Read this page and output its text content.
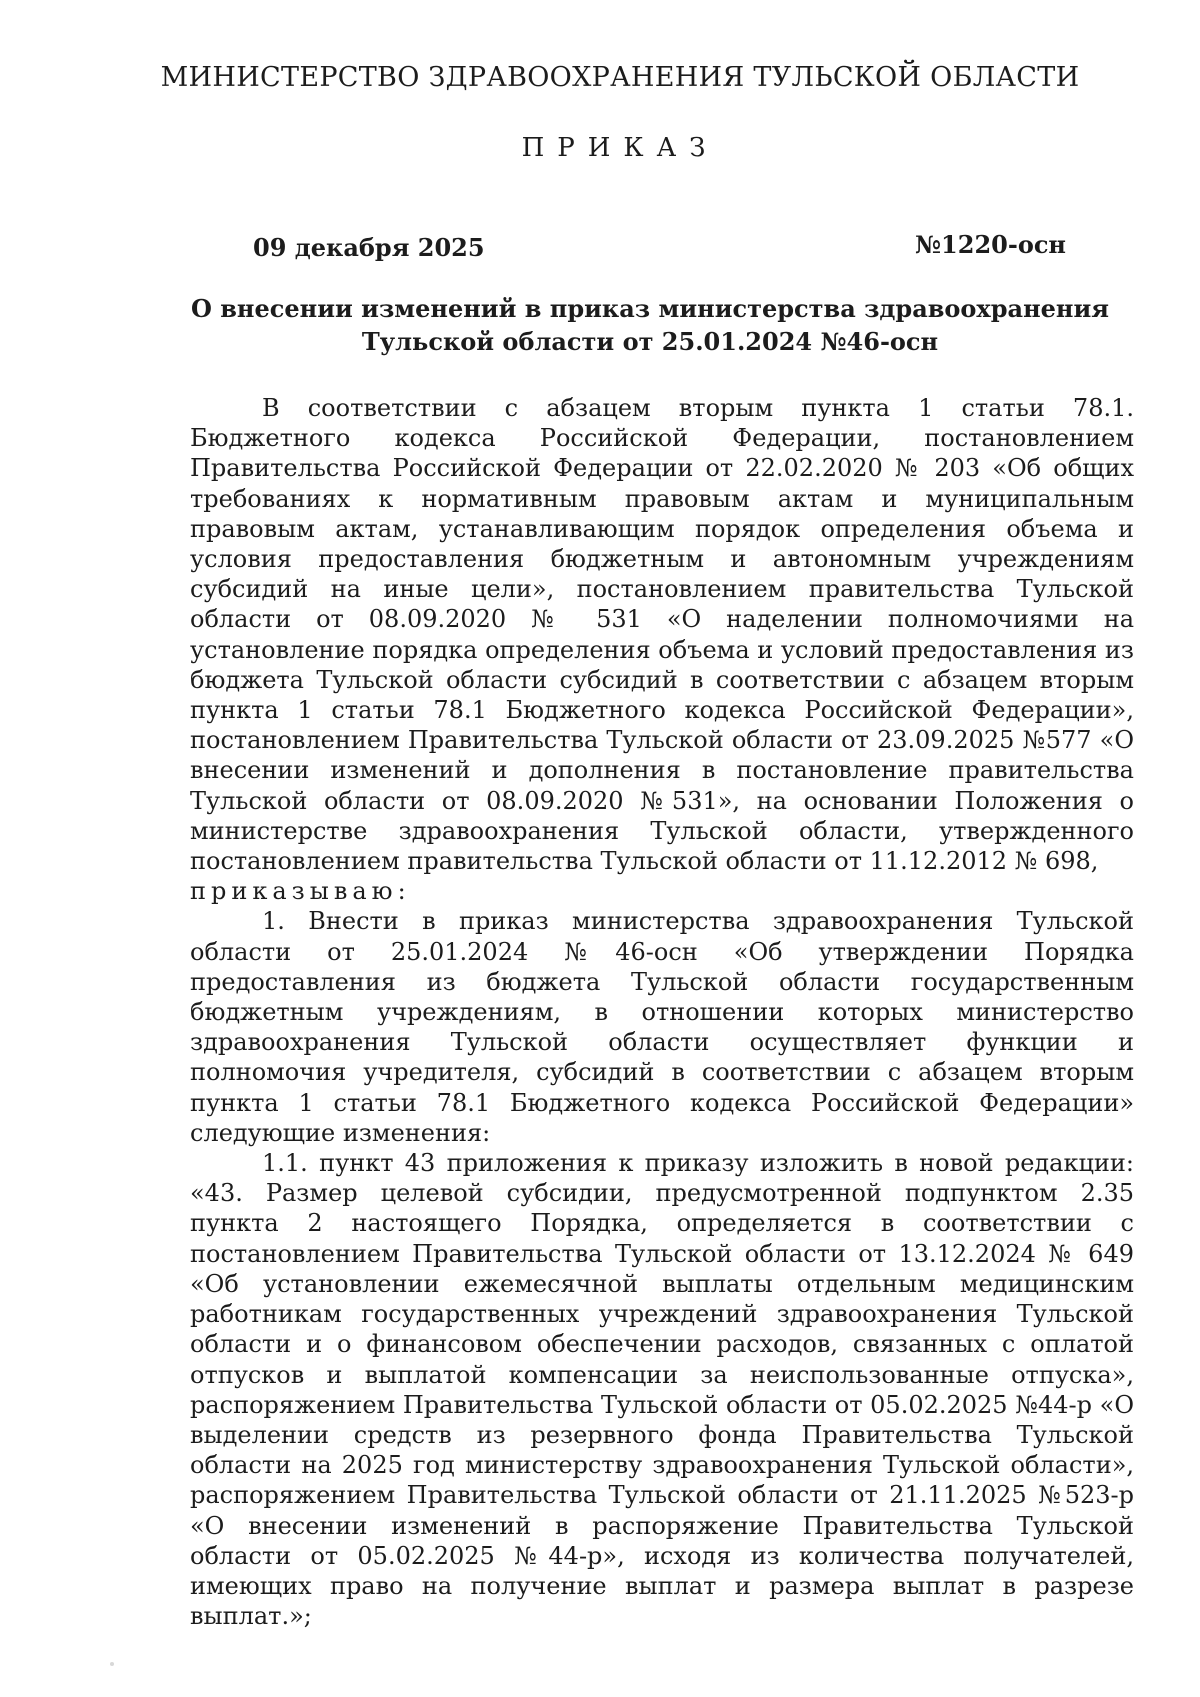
МИНИСТЕРСТВО ЗДРАВООХРАНЕНИЯ ТУЛЬСКОЙ ОБЛАСТИ
ПРИКАЗ
09 декабря 2025	№1220-осн
О внесении изменений в приказ министерства здравоохранения
Тульской области от 25.01.2024 №46-осн

В соответствии с абзацем вторым пункта 1 статьи 78.1. Бюджетного кодекса Российской Федерации, постановлением Правительства Российской Федерации от 22.02.2020 № 203 «Об общих требованиях к нормативным правовым актам и муниципальным правовым актам, устанавливающим порядок определения объема и условия предоставления бюджетным и автономным учреждениям субсидий на иные цели», постановлением правительства Тульской области от 08.09.2020 № 531 «О наделении полномочиями на установление порядка определения объема и условий предоставления из бюджета Тульской области субсидий в соответствии с абзацем вторым пункта 1 статьи 78.1 Бюджетного кодекса Российской Федерации», постановлением Правительства Тульской области от 23.09.2025 №577 «О внесении изменений и дополнения в постановление правительства Тульской области от 08.09.2020 №531», на основании Положения о министерстве здравоохранения Тульской области, утвержденного постановлением правительства Тульской области от 11.12.2012 № 698,

приказываю:

1. Внести в приказ министерства здравоохранения Тульской области от 25.01.2024 №46-осн «Об утверждении Порядка предоставления из бюджета Тульской области государственным бюджетным учреждениям, в отношении которых министерство здравоохранения Тульской области осуществляет функции и полномочия учредителя, субсидий в соответствии с абзацем вторым пункта 1 статьи 78.1 Бюджетного кодекса Российской Федерации» следующие изменения:

1.1. пункт 43 приложения к приказу изложить в новой редакции: «43. Размер целевой субсидии, предусмотренной подпунктом 2.35 пункта 2 настоящего Порядка, определяется в соответствии с постановлением Правительства Тульской области от 13.12.2024 № 649 «Об установлении ежемесячной выплаты отдельным медицинским работникам государственных учреждений здравоохранения Тульской области и о финансовом обеспечении расходов, связанных с оплатой отпусков и выплатой компенсации за неиспользованные отпуска», распоряжением Правительства Тульской области от 05.02.2025 №44-р «О выделении средств из резервного фонда Правительства Тульской области на 2025 год министерству здравоохранения Тульской области», распоряжением Правительства Тульской области от 21.11.2025 №523-р «О внесении изменений в распоряжение Правительства Тульской области от 05.02.2025 №44-р», исходя из количества получателей, имеющих право на получение выплат и размера выплат в разрезе выплат.»;
